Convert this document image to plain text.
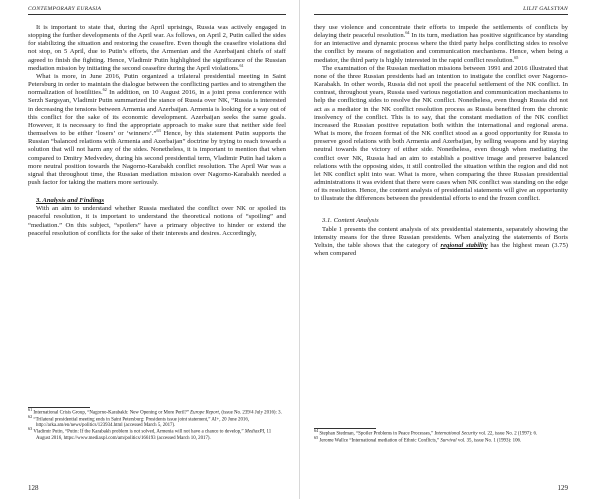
CONTEMPORARY EURASIA

It is important to state that, during the April uprisings, Russia was actively engaged in stopping the further developments of the April war. As follows, on April 2, Putin called the sides for stabilizing the situation and restoring the ceasefire. Even though the ceasefire violations did not stop, on 5 April, due to Putin’s efforts, the Armenian and the Azerbaijani chiefs of staff agreed to finish the fighting. Hence, Vladimir Putin highlighted the significance of the Russian mediation mission by initiating the second ceasefire during the April violations.$^{61}$

What is more, in June 2016, Putin organized a trilateral presidential meeting in Saint Petersburg in order to maintain the dialogue between the conflicting parties and to strengthen the normalization of hostilities.$^{62}$ In addition, on 10 August 2016, in a joint press conference with Serzh Sargsyan, Vladimir Putin summarized the stance of Russia over NK, “Russia is interested in decreasing the tensions between Armenia and Azerbaijan. Armenia is looking for a way out of this conflict for the sake of its economic development. Azerbaijan seeks the same goals. However, it is necessary to find the appropriate approach to make sure that neither side feel themselves to be either ‘losers’ or ‘winners’.”$^{63}$ Hence, by this statement Putin supports the Russian “balanced relations with Armenia and Azerbaijan” doctrine by trying to reach towards a solution that will not harm any of the sides. Nonetheless, it is important to mention that when compared to Dmitry Medvedev, during his second presidential term, Vladimir Putin had taken a more neutral position towards the Nagorno-Karabakh conflict resolution. The April War was a signal that throughout time, the Russian mediation mission over Nagorno-Karabakh needed a push factor for taking the matters more seriously.

3. Analysis and Findings

With an aim to understand whether Russia mediated the conflict over NK or spoiled its peaceful resolution, it is important to understand the theoretical notions of “spoiling” and “mediation.” On this subject, “spoilers” have a primary objective to hinder or extend the peaceful resolution of conflicts for the sake of their interests and desires. Accordingly,

$^{61}$ International Crisis Group, “Nagorno-Karabakh: New Opening or More Peril?” Europe Report, (issue No. 239/4 July 2016): 3.

$^{62}$ “Trilateral presidential meeting ends in Saint Petersburg: Presidents issue joint statement,” AI+, 20 June 2016, http://arka.am/en/news/politics/123934.html (accessed March 5, 2017).

$^{63}$ Vladimir Putin, “Putin: If the Karabakh problem is not solved, Armenia will not have a chance to develop,” MediaxPI, 11 August 2016, https://www.mediaxpl.com/am/politics/166193 (accessed March 10, 2017).

128
LILIT GALSTYAN

they use violence and concentrate their efforts to impede the settlements of conflicts by delaying their peaceful resolution.$^{64}$ In its turn, mediation has positive significance by standing for an interactive and dynamic process where the third party helps conflicting sides to resolve the conflict by means of negotiation and communication mechanisms. Hence, when being a mediator, the third party is highly interested in the rapid conflict resolution.$^{65}$

The examination of the Russian mediation missions between 1991 and 2016 illustrated that none of the three Russian presidents had an intention to instigate the conflict over Nagorno-Karabakh. In other words, Russia did not spoil the peaceful settlement of the NK conflict. In contrast, throughout years, Russia used various negotiation and communication mechanisms to help the conflicting sides to resolve the NK conflict. Nonetheless, even though Russia did not act as a mediator in the NK conflict resolution process as Russia benefited from the chronic insolvency of the conflict. This is to say, that the constant mediation of the NK conflict increased the Russian positive reputation both within the international and regional arena. What is more, the frozen format of the NK conflict stood as a good opportunity for Russia to preserve good relations with both Armenia and Azerbaijan, by selling weapons and by staying neutral towards the victory of either side. Nonetheless, even though when mediating the conflict over NK, Russia had an aim to establish a positive image and preserve balanced relations with the opposing sides, it still controlled the situation within the region and did not let NK conflict split into war. What is more, when comparing the three Russian presidential administrations it was evident that there were cases when NK conflict was standing on the edge of its resolution. Hence, the content analysis of presidential statements will give an opportunity to illustrate the differences between the presidential efforts to end the frozen conflict.

3.1. Content Analysis

Table 1 presents the content analysis of six presidential statements, separately showing the intensity means for the three Russian presidents. When analyzing the statements of Boris Yeltsin, the table shows that the category of regional stability has the highest mean (3.75) when compared

$^{64}$ Stephan Stedman, “Spoiler Problems in Peace Processes,” International Security vol. 22, issue No. 2 (1997): 6.

$^{65}$ Jerome Wallce “International mediation of Ethnic Conflicts,” Survival vol. 35, issue No. 1 (1993): 106.

129
